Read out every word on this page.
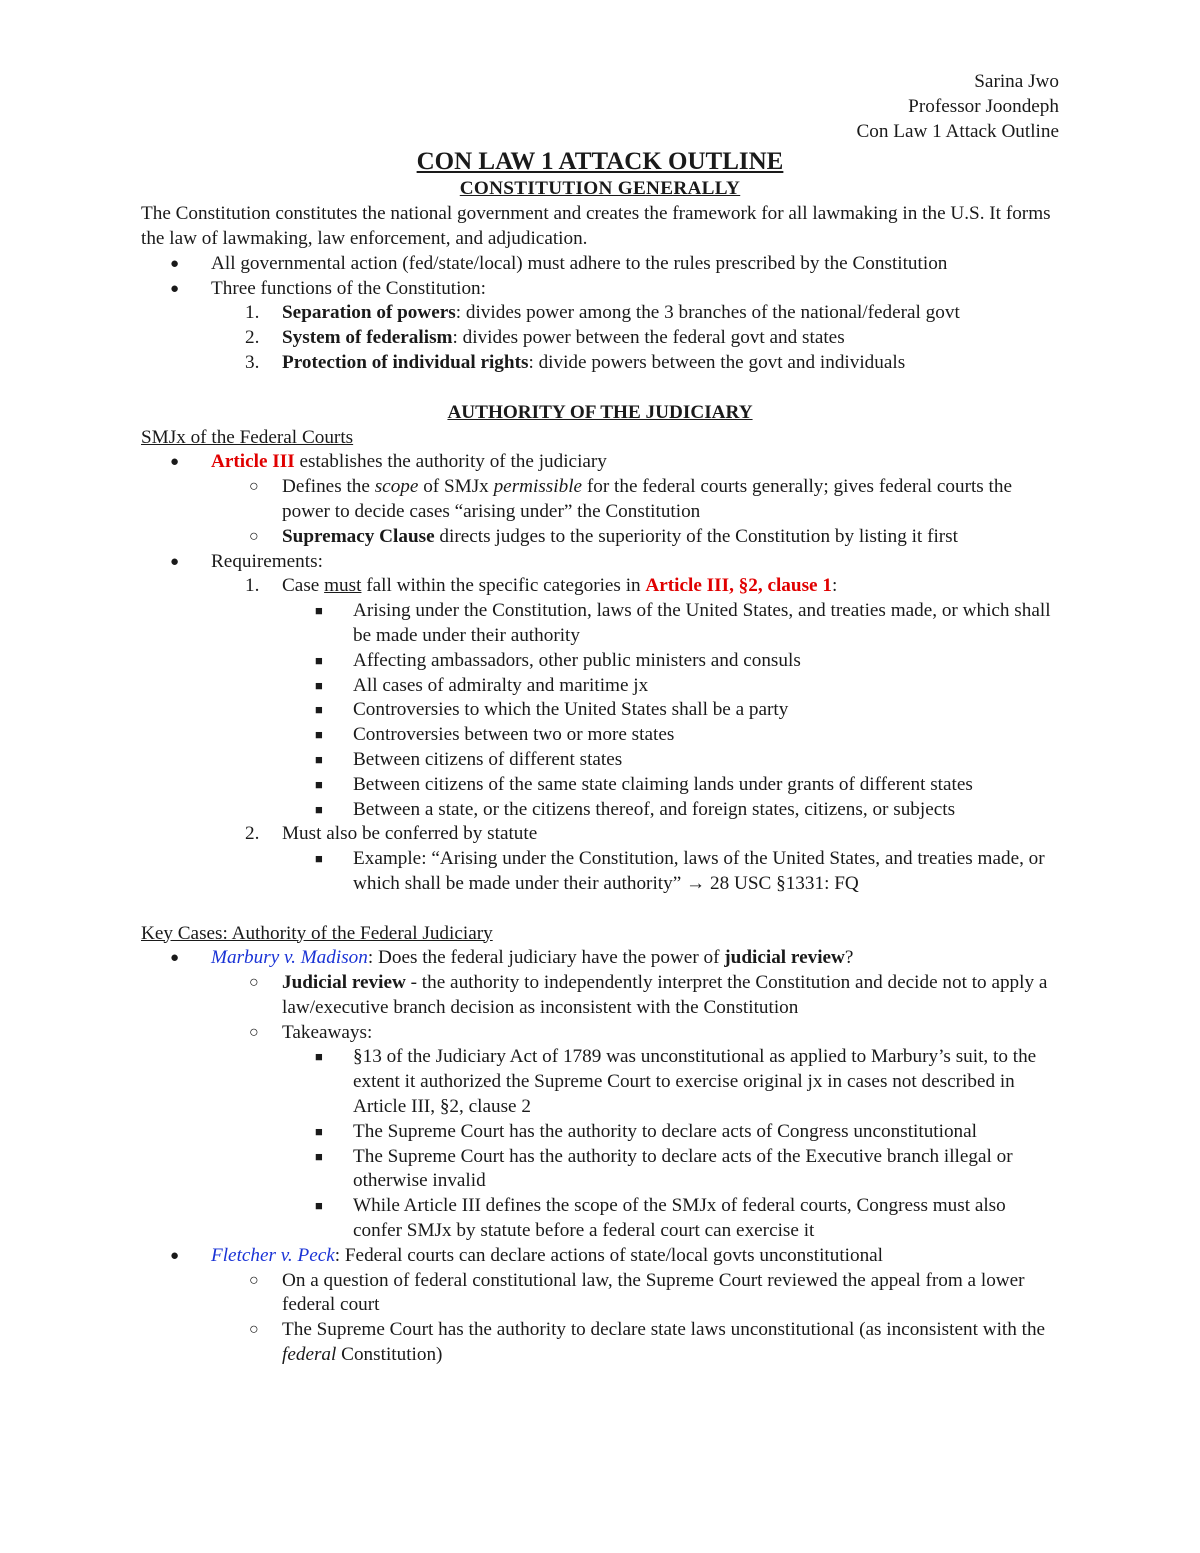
Sarina Jwo
Professor Joondeph
Con Law 1 Attack Outline
CON LAW 1 ATTACK OUTLINE
CONSTITUTION GENERALLY
The Constitution constitutes the national government and creates the framework for all lawmaking in the U.S. It forms the law of lawmaking, law enforcement, and adjudication.
● All governmental action (fed/state/local) must adhere to the rules prescribed by the Constitution
● Three functions of the Constitution:
1. Separation of powers: divides power among the 3 branches of the national/federal govt
2. System of federalism: divides power between the federal govt and states
3. Protection of individual rights: divide powers between the govt and individuals
AUTHORITY OF THE JUDICIARY
SMJx of the Federal Courts
● Article III establishes the authority of the judiciary
○ Defines the scope of SMJx permissible for the federal courts generally; gives federal courts the power to decide cases “arising under” the Constitution
○ Supremacy Clause directs judges to the superiority of the Constitution by listing it first
● Requirements:
1. Case must fall within the specific categories in Article III, §2, clause 1:
■ Arising under the Constitution, laws of the United States, and treaties made, or which shall be made under their authority
■ Affecting ambassadors, other public ministers and consuls
■ All cases of admiralty and maritime jx
■ Controversies to which the United States shall be a party
■ Controversies between two or more states
■ Between citizens of different states
■ Between citizens of the same state claiming lands under grants of different states
■ Between a state, or the citizens thereof, and foreign states, citizens, or subjects
2. Must also be conferred by statute
■ Example: “Arising under the Constitution, laws of the United States, and treaties made, or which shall be made under their authority” → 28 USC §1331: FQ
Key Cases: Authority of the Federal Judiciary
● Marbury v. Madison: Does the federal judiciary have the power of judicial review?
○ Judicial review - the authority to independently interpret the Constitution and decide not to apply a law/executive branch decision as inconsistent with the Constitution
○ Takeaways:
■ §13 of the Judiciary Act of 1789 was unconstitutional as applied to Marbury’s suit, to the extent it authorized the Supreme Court to exercise original jx in cases not described in Article III, §2, clause 2
■ The Supreme Court has the authority to declare acts of Congress unconstitutional
■ The Supreme Court has the authority to declare acts of the Executive branch illegal or otherwise invalid
■ While Article III defines the scope of the SMJx of federal courts, Congress must also confer SMJx by statute before a federal court can exercise it
● Fletcher v. Peck: Federal courts can declare actions of state/local govts unconstitutional
○ On a question of federal constitutional law, the Supreme Court reviewed the appeal from a lower federal court
○ The Supreme Court has the authority to declare state laws unconstitutional (as inconsistent with the federal Constitution)
